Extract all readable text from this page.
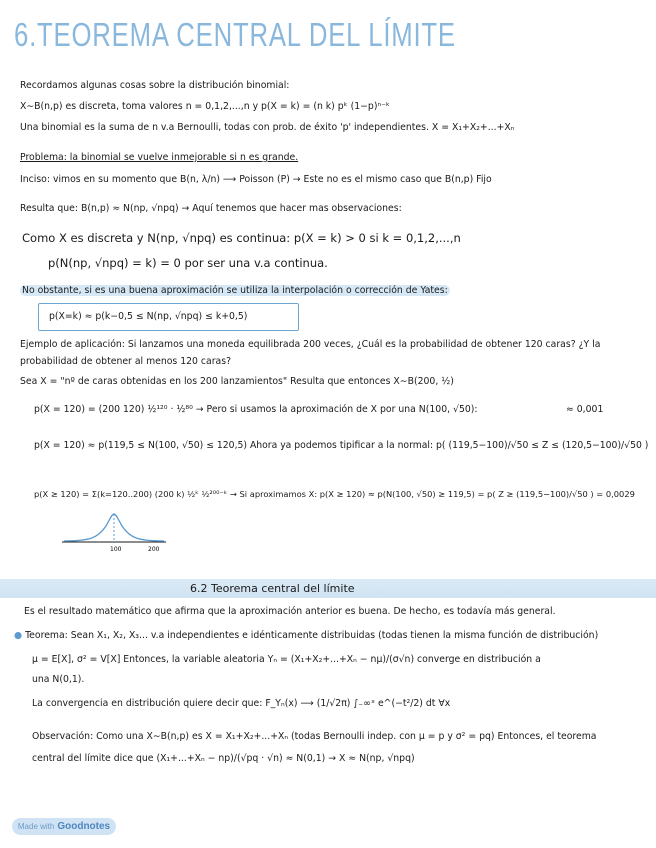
6.TEOREMA CENTRAL DEL LÍMITE
Recordamos algunas cosas sobre la distribución binomial:
X∼B(n,p) es discreta, toma valores n = 0,1,2,...,n y p(X = k) = (n k) pᵏ (1−p)ⁿ⁻ᵏ
Una binomial es la suma de n v.a Bernoulli, todas con prob. de éxito 'p' independientes. X = X₁+X₂+...+Xₙ
Problema: la binomial se vuelve inmejorable si n es grande.
Inciso: vimos en su momento que B(n, λ/n) ⟶ Poisson (P) → Este no es el mismo caso que B(n,p) Fijo
Resulta que: B(n,p) ≈ N(np, √npq) → Aquí tenemos que hacer mas observaciones:
Como X es discreta y N(np, √npq) es continua: p(X = k) > 0 si k = 0,1,2,...,n
p(N(np, √npq) = k) = 0 por ser una v.a continua.
No obstante, si es una buena aproximación se utiliza la interpolación o corrección de Yates:
p(X=k) ≈ p(k−0,5 ≤ N(np, √npq) ≤ k+0,5)
Ejemplo de aplicación: Si lanzamos una moneda equilibrada 200 veces, ¿Cuál es la probabilidad de obtener 120 caras? ¿Y la
probabilidad de obtener al menos 120 caras?
Sea X = "nº de caras obtenidas en los 200 lanzamientos" Resulta que entonces X∼B(200, ½)
p(X = 120) = (200 120) ½¹²⁰ · ½⁸⁰ → Pero si usamos la aproximación de X por una N(100, √50):	≈ 0,001
p(X = 120) ≈ p(119,5 ≤ N(100, √50) ≤ 120,5) Ahora ya podemos tipificar a la normal: p( (119,5−100)/√50 ≤ Z ≤ (120,5−100)/√50 )
p(X ≥ 120) = Σ(k=120..200) (200 k) ½ᵏ ½²⁰⁰⁻ᵏ → Si aproximamos X: p(X ≥ 120) ≈ p(N(100, √50) ≥ 119,5) = p( Z ≥ (119,5−100)/√50 ) = 0,0029
100	200
6.2 Teorema central del límite
Es el resultado matemático que afirma que la aproximación anterior es buena. De hecho, es todavía más general.
● Teorema: Sean X₁, X₂, X₃... v.a independientes e idénticamente distribuidas (todas tienen la misma función de distribución)
μ = E[X], σ² = V[X] Entonces, la variable aleatoria Yₙ = (X₁+X₂+...+Xₙ − nμ)/(σ√n) converge en distribución a
una N(0,1).
La convergencia en distribución quiere decir que: F_Yₙ(x) ⟶ (1/√2π) ∫₋∞ˣ e^(−t²/2) dt ∀x
Observación: Como una X∼B(n,p) es X = X₁+X₂+...+Xₙ (todas Bernoulli indep. con μ = p y σ² = pq) Entonces, el teorema
central del límite dice que (X₁+...+Xₙ − np)/(√pq · √n) ≈ N(0,1) → X ≈ N(np, √npq)
Made with Goodnotes
